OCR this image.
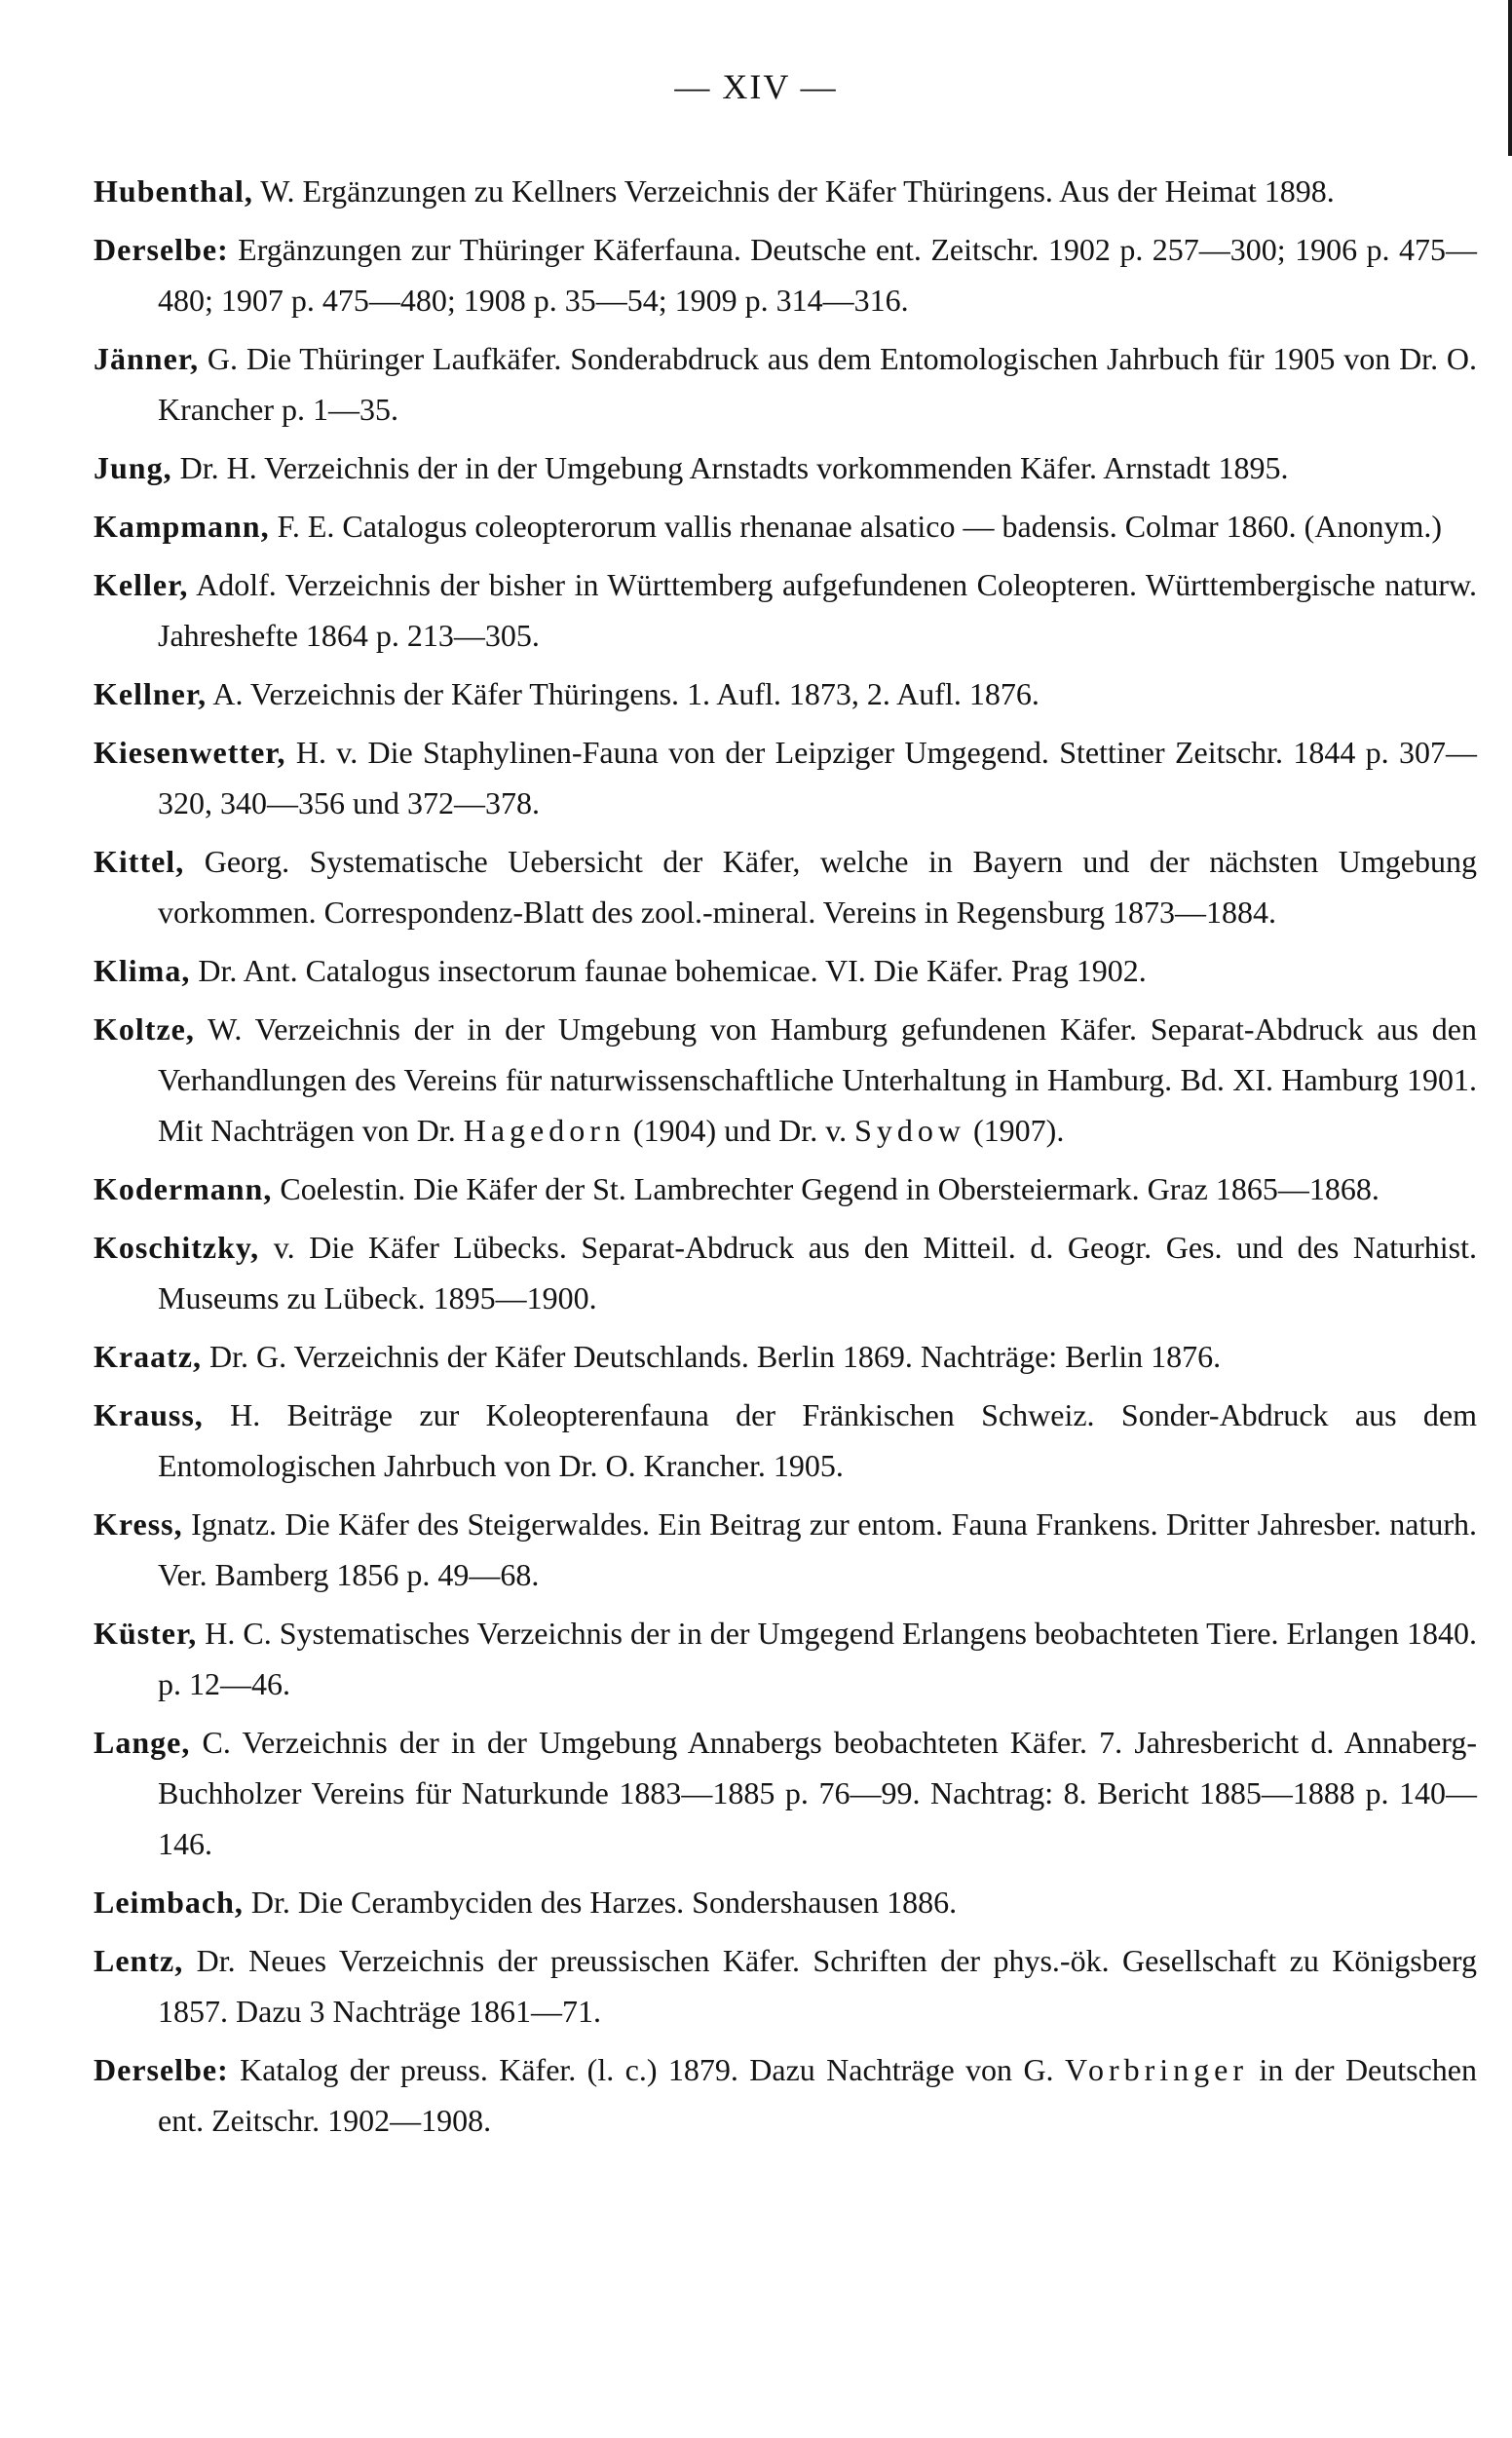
— XIV —

Hubenthal, W. Ergänzungen zu Kellners Verzeichnis der Käfer Thüringens. Aus der Heimat 1898.

Derselbe: Ergänzungen zur Thüringer Käferfauna. Deutsche ent. Zeitschr. 1902 p. 257—300; 1906 p. 475—480; 1907 p. 475—480; 1908 p. 35—54; 1909 p. 314—316.

Jänner, G. Die Thüringer Laufkäfer. Sonderabdruck aus dem Entomologischen Jahrbuch für 1905 von Dr. O. Krancher p. 1—35.

Jung, Dr. H. Verzeichnis der in der Umgebung Arnstadts vorkommenden Käfer. Arnstadt 1895.

Kampmann, F. E. Catalogus coleopterorum vallis rhenanae alsatico — badensis. Colmar 1860. (Anonym.)

Keller, Adolf. Verzeichnis der bisher in Württemberg aufgefundenen Coleopteren. Württembergische naturw. Jahreshefte 1864 p. 213—305.

Kellner, A. Verzeichnis der Käfer Thüringens. 1. Aufl. 1873, 2. Aufl. 1876.

Kiesenwetter, H. v. Die Staphylinen-Fauna von der Leipziger Umgegend. Stettiner Zeitschr. 1844 p. 307—320, 340—356 und 372—378.

Kittel, Georg. Systematische Uebersicht der Käfer, welche in Bayern und der nächsten Umgebung vorkommen. Correspondenz-Blatt des zool.-mineral. Vereins in Regensburg 1873—1884.

Klima, Dr. Ant. Catalogus insectorum faunae bohemicae. VI. Die Käfer. Prag 1902.

Koltze, W. Verzeichnis der in der Umgebung von Hamburg gefundenen Käfer. Separat-Abdruck aus den Verhandlungen des Vereins für naturwissenschaftliche Unterhaltung in Hamburg. Bd. XI. Hamburg 1901. Mit Nachträgen von Dr. Hagedorn (1904) und Dr. v. Sydow (1907).

Kodermann, Coelestin. Die Käfer der St. Lambrechter Gegend in Obersteiermark. Graz 1865—1868.

Koschitzky, v. Die Käfer Lübecks. Separat-Abdruck aus den Mitteil. d. Geogr. Ges. und des Naturhist. Museums zu Lübeck. 1895—1900.

Kraatz, Dr. G. Verzeichnis der Käfer Deutschlands. Berlin 1869. Nachträge: Berlin 1876.

Krauss, H. Beiträge zur Koleopterenfauna der Fränkischen Schweiz. Sonder-Abdruck aus dem Entomologischen Jahrbuch von Dr. O. Krancher. 1905.

Kress, Ignatz. Die Käfer des Steigerwaldes. Ein Beitrag zur entom. Fauna Frankens. Dritter Jahresber. naturh. Ver. Bamberg 1856 p. 49—68.

Küster, H. C. Systematisches Verzeichnis der in der Umgegend Erlangens beobachteten Tiere. Erlangen 1840. p. 12—46.

Lange, C. Verzeichnis der in der Umgebung Annabergs beobachteten Käfer. 7. Jahresbericht d. Annaberg-Buchholzer Vereins für Naturkunde 1883—1885 p. 76—99. Nachtrag: 8. Bericht 1885—1888 p. 140—146.

Leimbach, Dr. Die Cerambyciden des Harzes. Sondershausen 1886.

Lentz, Dr. Neues Verzeichnis der preussischen Käfer. Schriften der phys.-ök. Gesellschaft zu Königsberg 1857. Dazu 3 Nachträge 1861—71.

Derselbe: Katalog der preuss. Käfer. (l. c.) 1879. Dazu Nachträge von G. Vorbringer in der Deutschen ent. Zeitschr. 1902—1908.
